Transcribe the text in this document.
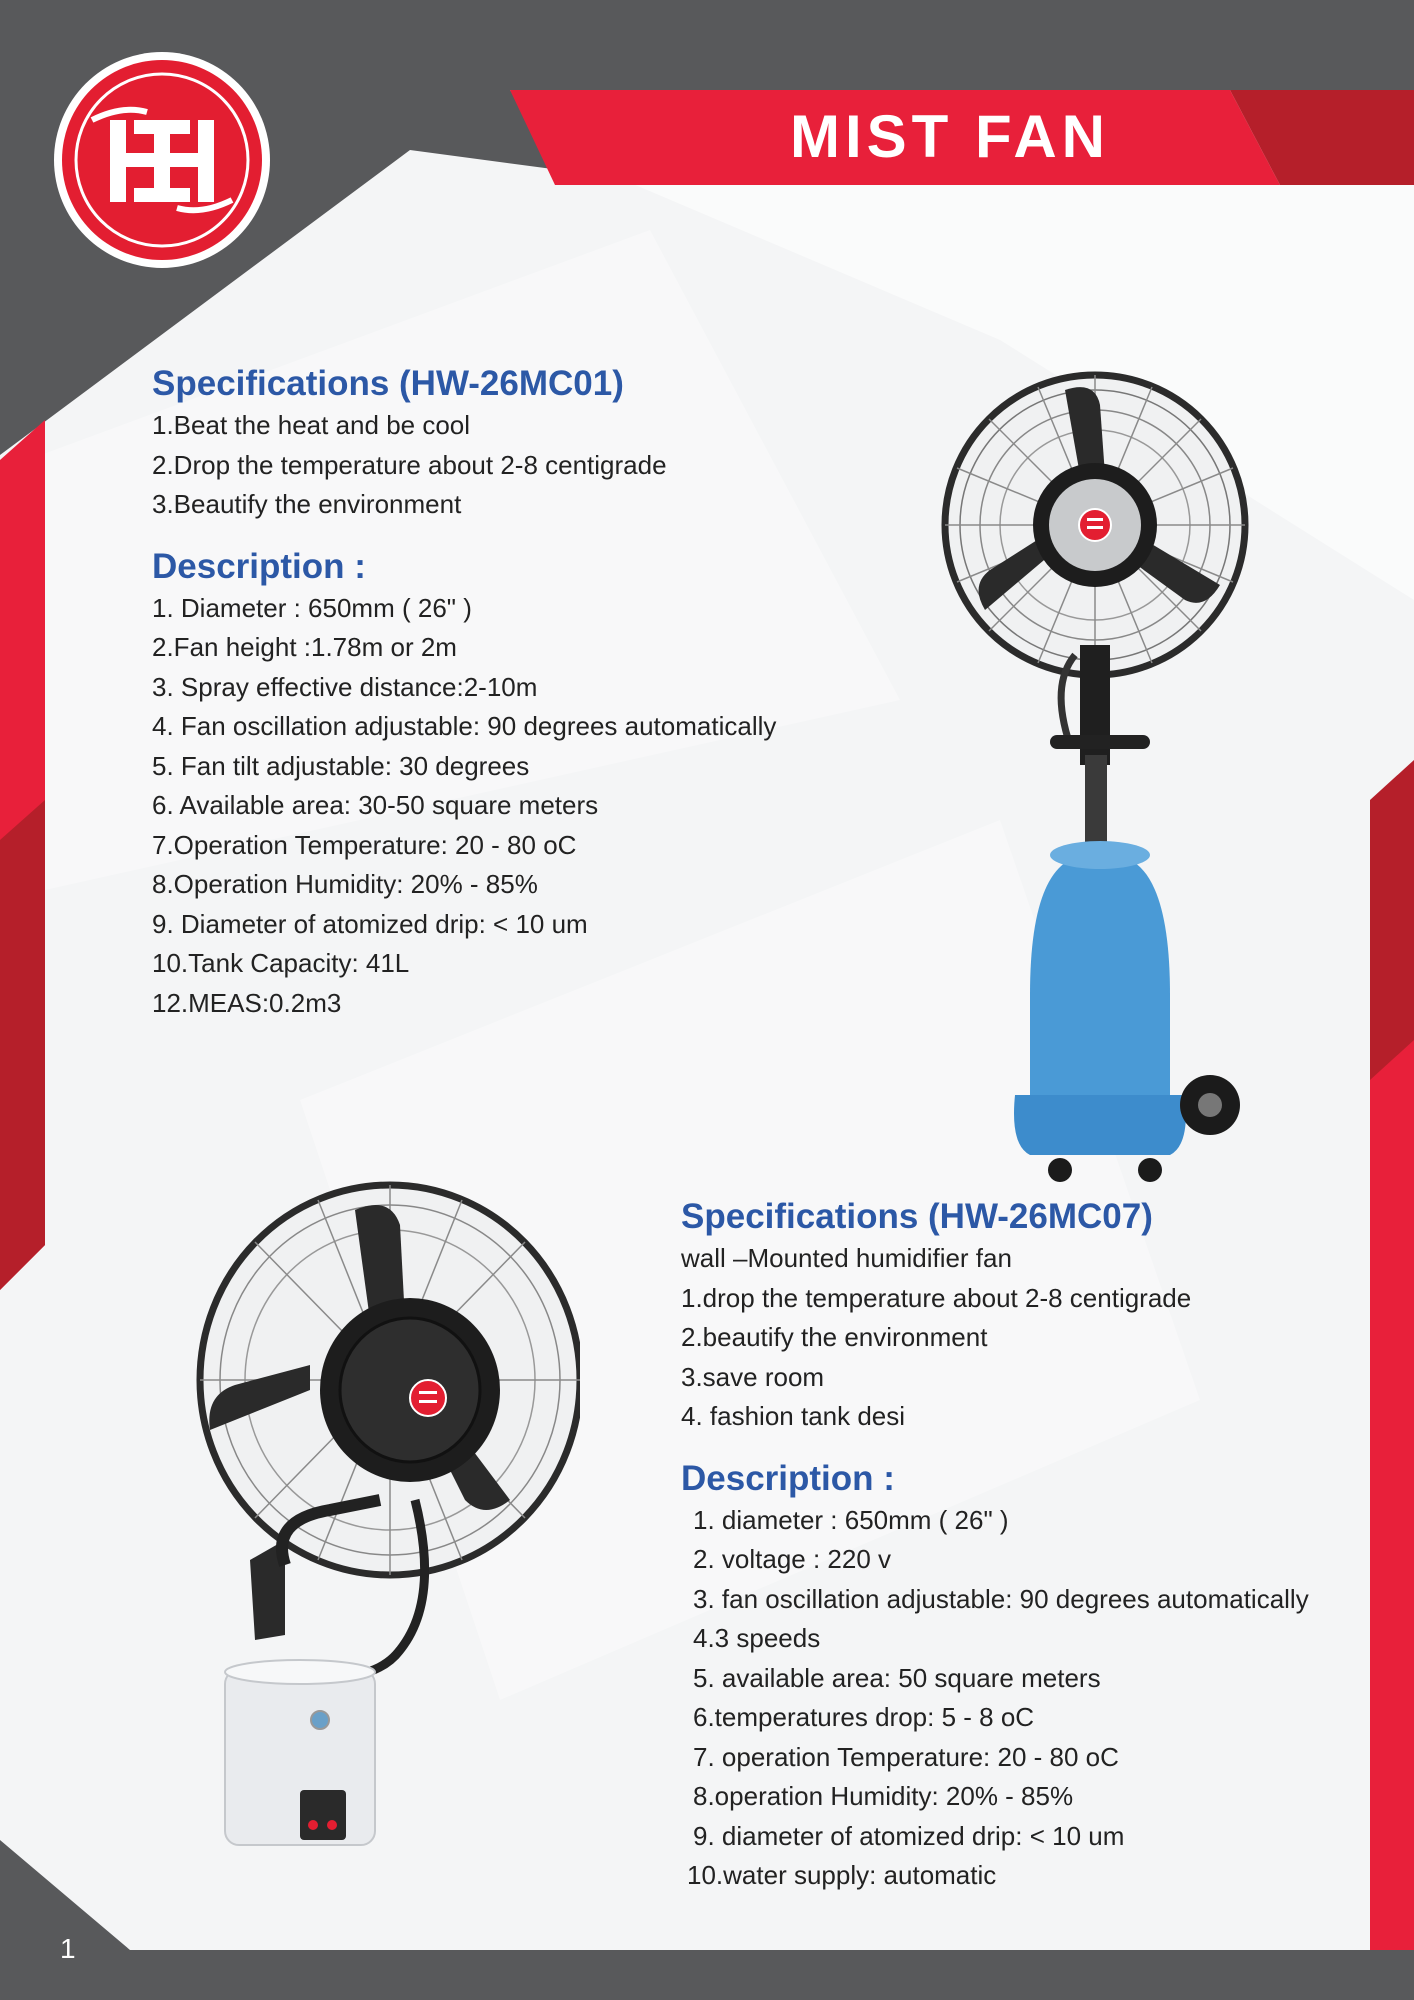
MIST FAN

Specifications (HW-26MC01)

1.Beat the heat and be cool

2.Drop the temperature about 2-8 centigrade

3.Beautify the environment

Description :

1. Diameter : 650mm ( 26" )

2.Fan height :1.78m or 2m

3. Spray effective distance:2-10m

4. Fan oscillation adjustable: 90 degrees automatically

5. Fan tilt adjustable: 30 degrees

6. Available area: 30-50 square meters

7.Operation Temperature: 20 - 80 oC

8.Operation Humidity: 20% - 85%

9. Diameter of atomized drip: < 10 um

10.Tank Capacity: 41L

12.MEAS:0.2m3

Specifications (HW-26MC07)

wall –Mounted humidifier fan

1.drop the temperature about 2-8 centigrade

2.beautify the environment

3.save room

4. fashion tank desi

Description :

1. diameter : 650mm ( 26" )

2. voltage : 220 v

3. fan oscillation adjustable: 90 degrees automatically

4.3 speeds

5. available area: 50 square meters

6.temperatures drop: 5 - 8 oC

7. operation Temperature: 20 - 80 oC

8.operation Humidity: 20% - 85%

9. diameter of atomized drip: < 10 um

10.water supply: automatic

1
